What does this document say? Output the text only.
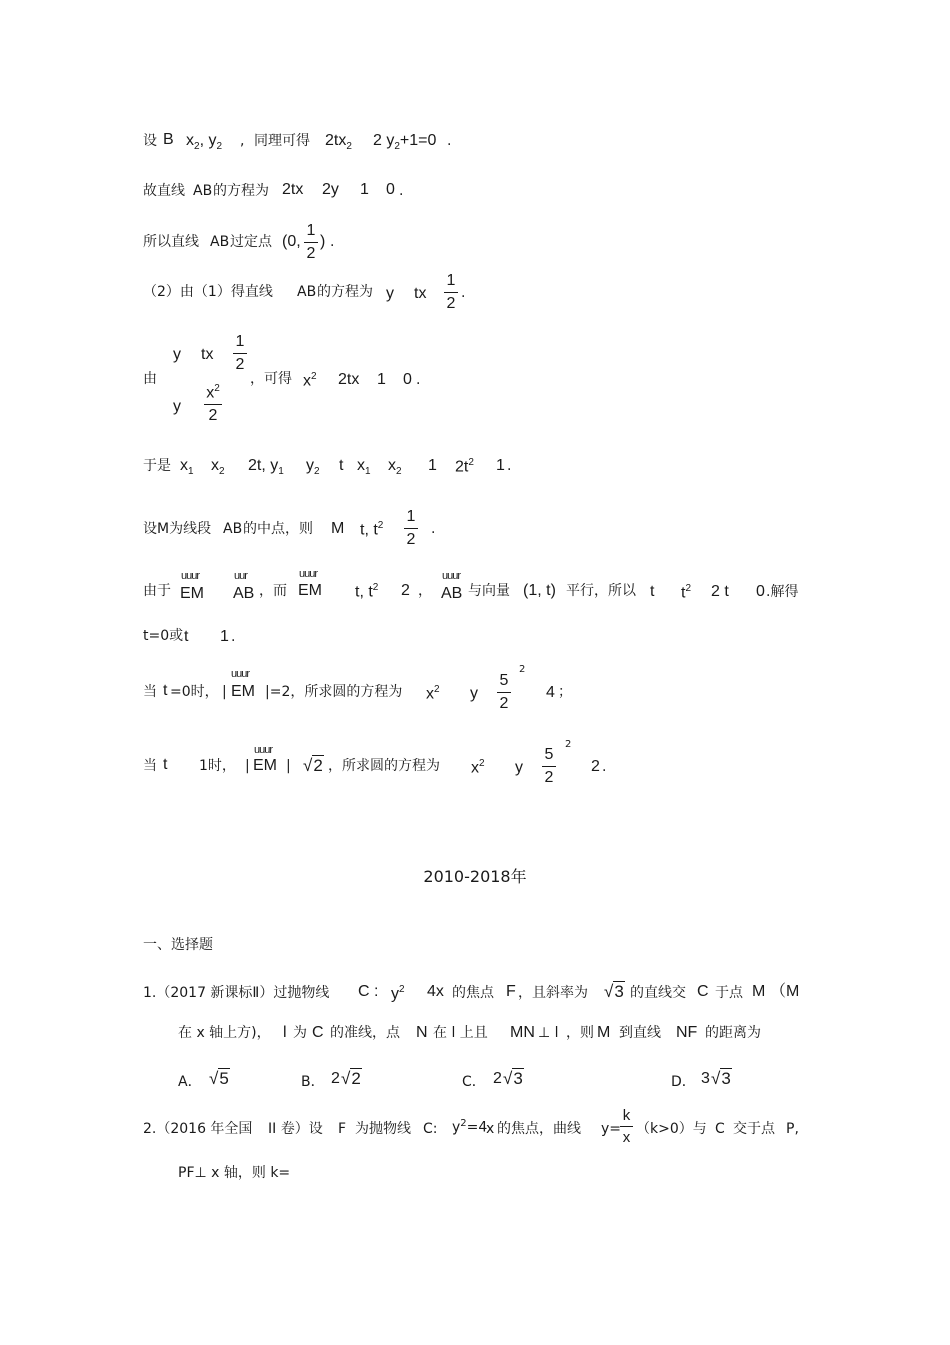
设 B $x_2$, $y_2$ , 同理可得 $2tx_2$ 2 $y_2+1=0$ .
故直线 AB 的方程为 2tx 2y 1 0 .
所以直线 AB 过定点 (0,
1
2
) .
（2）由（1）得直线 AB 的方程为 y tx
1
2
.
由
y tx
1
2
y
$x^2$
2
，可得 $x^2$ 2tx 1 0 .
于是 $x_1$ $x_2$ 2t, $y_1$ $y_2$ t $x_1$ $x_2$ 1 $2t^2$ 1 .
设M为线段 AB 的中点，则 M t, $t^2$
1
2
.
由于
uuur
EM
uur
AB ，而
uuur
EM t, $t^2$ 2 ，
uuur
AB 与向量 (1, t) 平行，所以 t $t^2$ 2 t 0 .解得
t=0或 t 1 .
当 t =0时，
uuur
| EM |=2，所求圆的方程为 $x^2$ y
5
2
2
4 ；
当 t 1时，
uuur
| EM | √2 ，所求圆的方程为 $x^2$ y
5
2
2
2 .
2010-2018年
一、选择题
1.（2017 新课标Ⅱ）过抛物线 C : $y^2$ 4x 的焦点 F ，且斜率为 √3 的直线交 C 于点 M （M
在 x 轴上方)， l 为 C 的准线，点 N 在 l 上且 MN ⊥ l ，则 M 到直线 NF 的距离为
A． √5	B． 2 √2	C． 2 √3	D． 3 √3
2.（2016 年全国 II 卷）设 F 为抛物线 C: $y^2=4$
x 的焦点，曲线 y=
k
x （k>0）与 C 交于点 P,
PF⊥ x 轴，则 k=
